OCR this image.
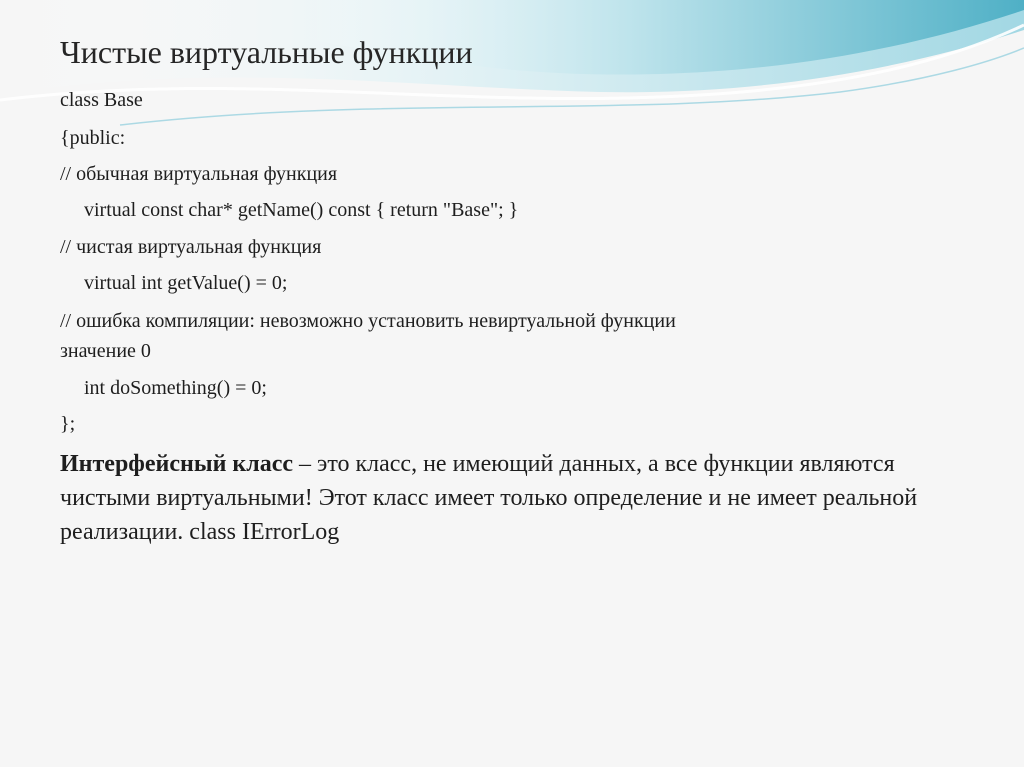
Чистые виртуальные функции

class Base

{public:

// обычная виртуальная функция

virtual const char* getName() const { return "Base"; }

// чистая виртуальная функция

virtual int getValue() = 0;

// ошибка компиляции: невозможно установить невиртуальной функции

значение 0

int doSomething() = 0;

};

Интерфейсный класс – это класс, не имеющий данных, а все функции являются чистыми виртуальными! Этот класс имеет только определение и не имеет реальной реализации. class IErrorLog
